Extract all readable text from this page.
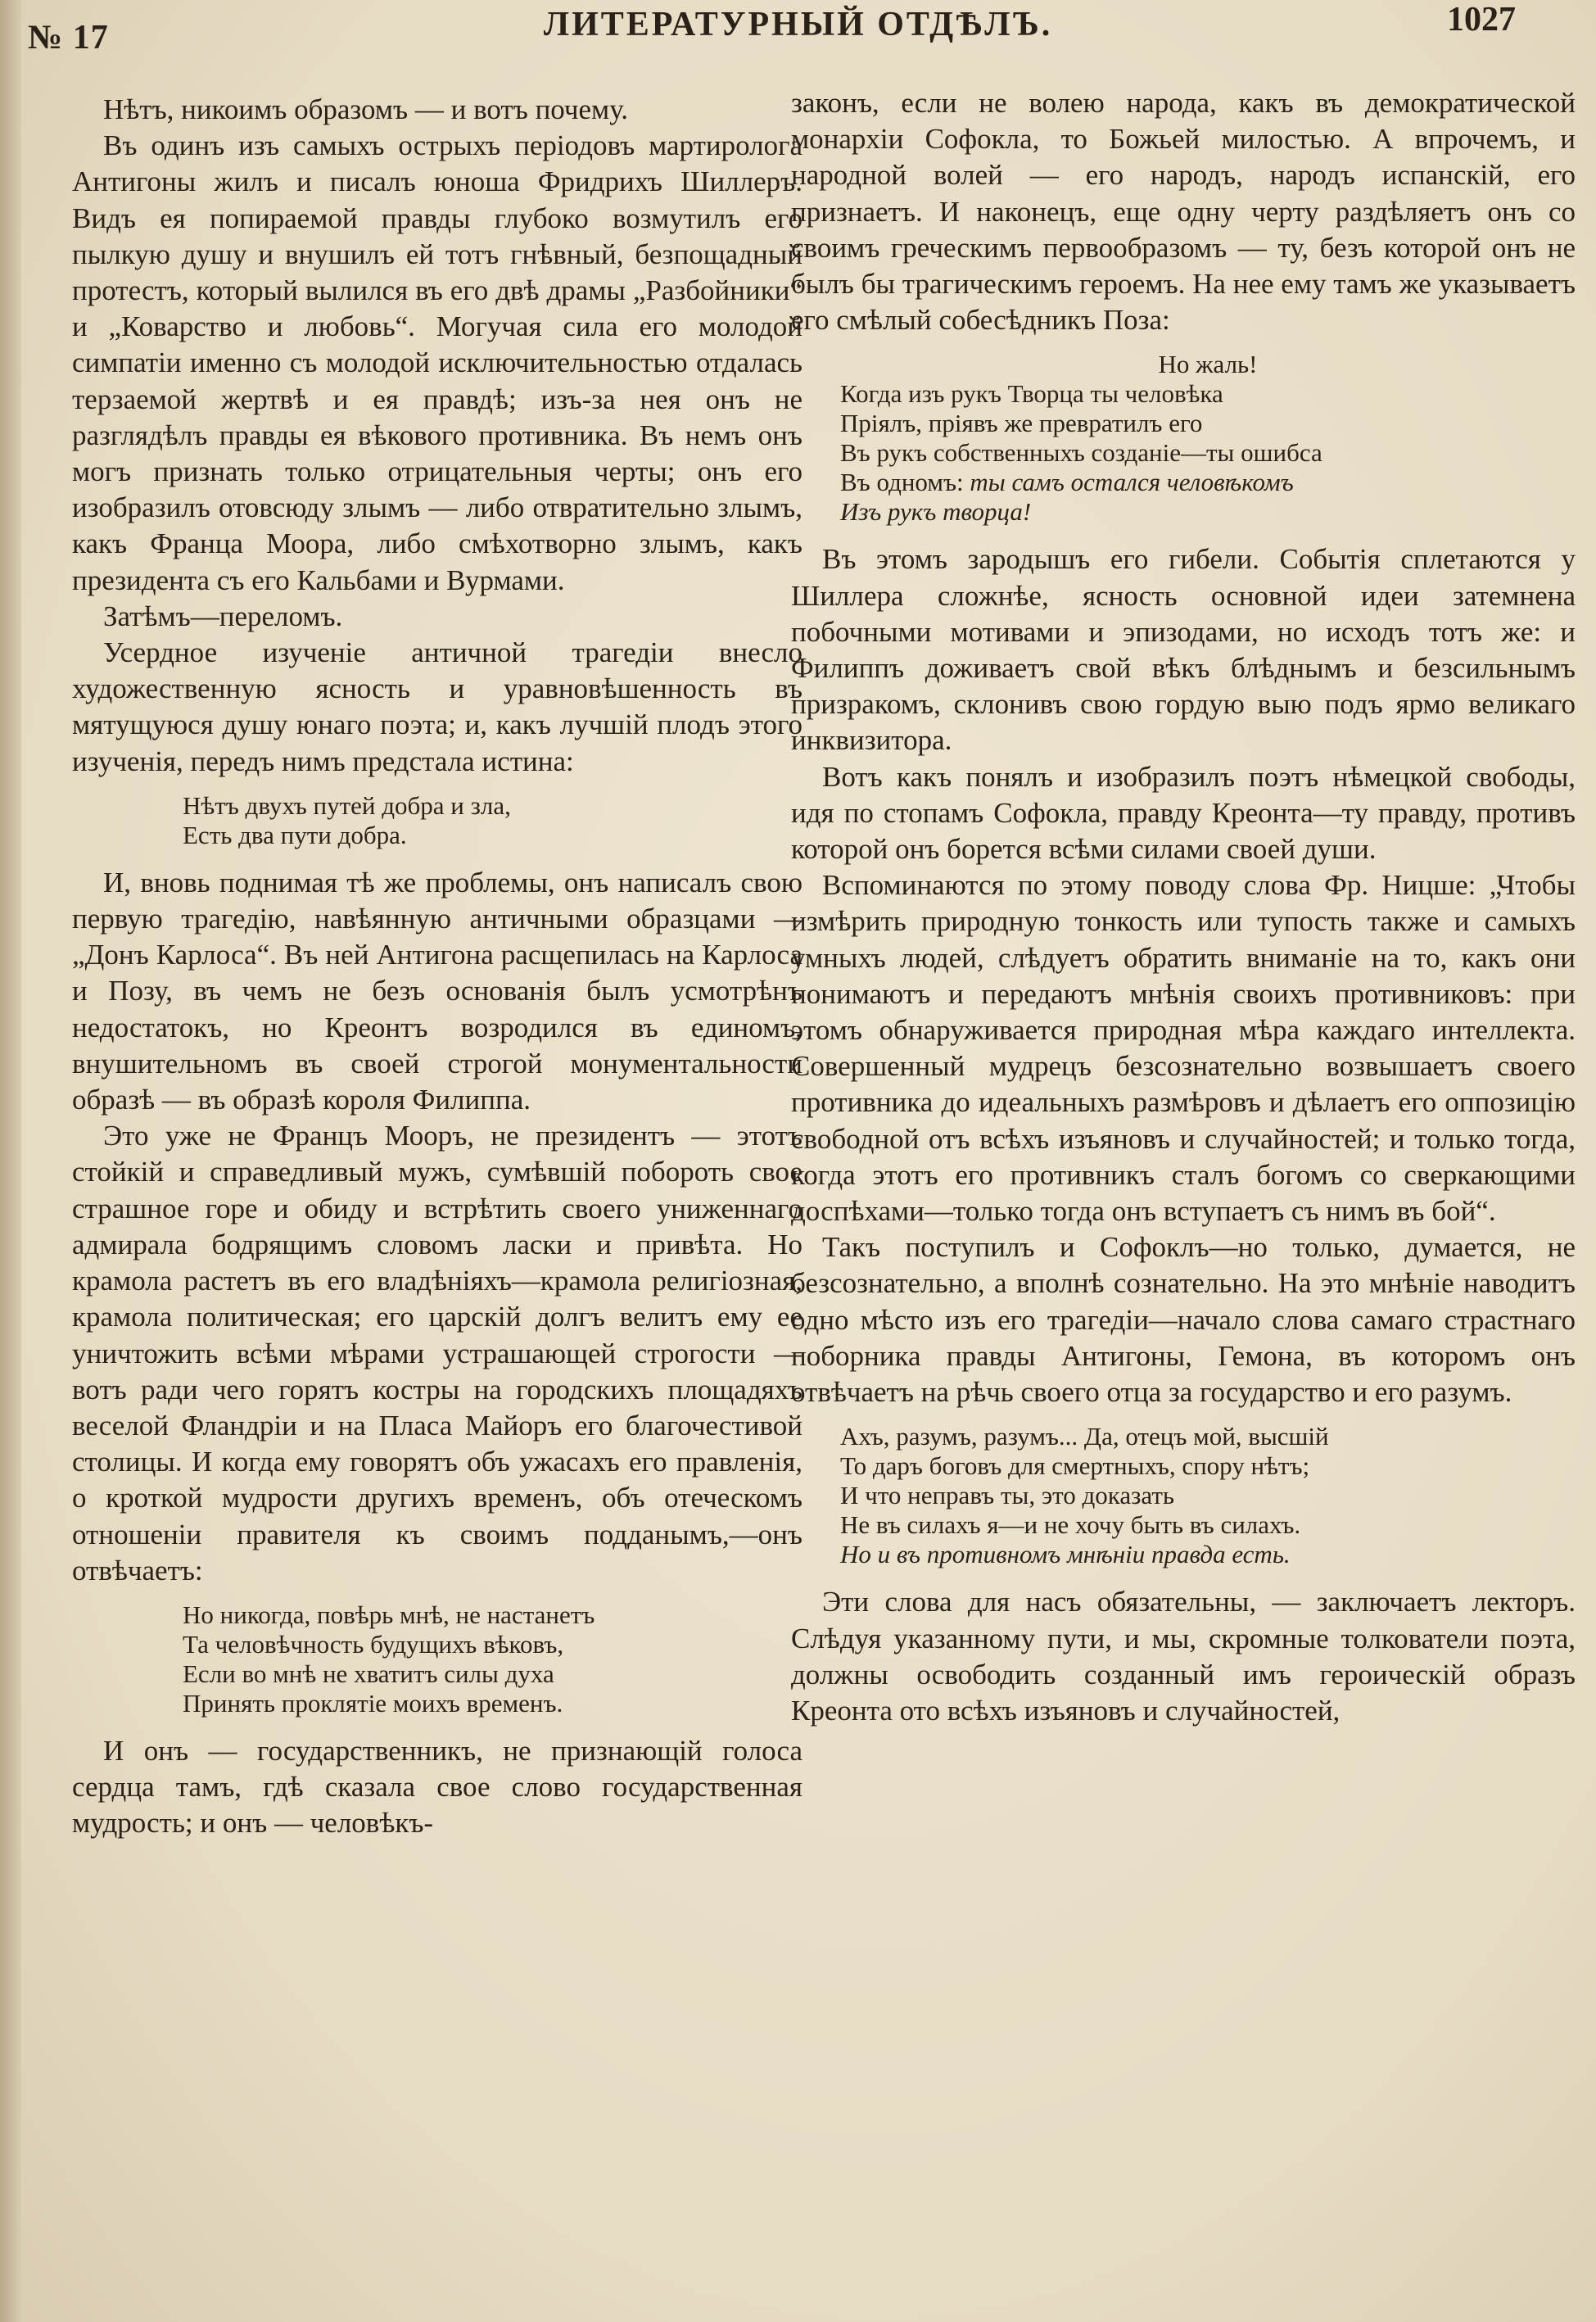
№ 17	ЛИТЕРАТУРНЫЙ ОТДѢЛЪ.	1027

Нѣтъ, никоимъ образомъ — и вотъ почему.

Въ одинъ изъ самыхъ острыхъ періодовъ мартиролога Антигоны жилъ и писалъ юноша Фридрихъ Шиллеръ. Видъ ея попираемой правды глубоко возмутилъ его пылкую душу и внушилъ ей тотъ гнѣвный, безпощадный протестъ, который вылился въ его двѣ драмы „Разбойники“ и „Коварство и любовь“. Могучая сила его молодой симпатіи именно съ молодой исключительностью отдалась терзаемой жертвѣ и ея правдѣ; изъ-за нея онъ не разглядѣлъ правды ея вѣкового противника. Въ немъ онъ могъ признать только отрицательныя черты; онъ его изобразилъ отовсюду злымъ — либо отвратительно злымъ, какъ Франца Моора, либо смѣхотворно злымъ, какъ президента съ его Кальбами и Вурмами.

Затѣмъ—переломъ.

Усердное изученіе античной трагедіи внесло художественную ясность и уравновѣшенность въ мятущуюся душу юнаго поэта; и, какъ лучшій плодъ этого изученія, передъ нимъ предстала истина:

Нѣтъ двухъ путей добра и зла,
Есть два пути добра.

И, вновь поднимая тѣ же проблемы, онъ написалъ свою первую трагедію, навѣянную античными образцами — „Донъ Карлоса“. Въ ней Антигона расщепилась на Карлоса и Позу, въ чемъ не безъ основанія былъ усмотрѣнъ недостатокъ, но Креонтъ возродился въ единомъ, внушительномъ въ своей строгой монументальности образѣ — въ образѣ короля Филиппа.

Это уже не Францъ Мооръ, не президентъ — этотъ стойкій и справедливый мужъ, сумѣвшій побороть свое страшное горе и обиду и встрѣтить своего униженнаго адмирала бодрящимъ словомъ ласки и привѣта. Но крамола растетъ въ его владѣніяхъ—крамола религіозная, крамола политическая; его царскій долгъ велитъ ему ее уничтожить всѣми мѣрами устрашающей строгости — вотъ ради чего горятъ костры на городскихъ площадяхъ веселой Фландріи и на Пласа Майоръ его благочестивой столицы. И когда ему говорятъ объ ужасахъ его правленія, о кроткой мудрости другихъ временъ, объ отеческомъ отношеніи правителя къ своимъ подданымъ,—онъ отвѣчаетъ:

Но никогда, повѣрь мнѣ, не настанетъ
Та человѣчность будущихъ вѣковъ,
Если во мнѣ не хватитъ силы духа
Принять проклятіе моихъ временъ.

И онъ — государственникъ, не признающій голоса сердца тамъ, гдѣ сказала свое слово государственная мудрость; и онъ — человѣкъ-

законъ, если не волею народа, какъ въ демократической монархіи Софокла, то Божьей милостью. А впрочемъ, и народной волей — его народъ, народъ испанскій, его признаетъ. И наконецъ, еще одну черту раздѣляетъ онъ со своимъ греческимъ первообразомъ — ту, безъ которой онъ не былъ бы трагическимъ героемъ. На нее ему тамъ же указываетъ его смѣлый собесѣдникъ Поза:

Но жаль!
Когда изъ рукъ Творца ты человѣка
Пріялъ, пріявъ же превратилъ его
Въ рукъ собственныхъ созданіе—ты ошибса
Въ одномъ: ты самъ остался человѣкомъ
Изъ рукъ творца!

Въ этомъ зародышъ его гибели. Событія сплетаются у Шиллера сложнѣе, ясность основной идеи затемнена побочными мотивами и эпизодами, но исходъ тотъ же: и Филиппъ доживаетъ свой вѣкъ блѣднымъ и безсильнымъ призракомъ, склонивъ свою гордую выю подъ ярмо великаго инквизитора.

Вотъ какъ понялъ и изобразилъ поэтъ нѣмецкой свободы, идя по стопамъ Софокла, правду Креонта—ту правду, противъ которой онъ борется всѣми силами своей души.

Вспоминаются по этому поводу слова Фр. Ницше: „Чтобы измѣрить природную тонкость или тупость также и самыхъ умныхъ людей, слѣдуетъ обратить вниманіе на то, какъ они понимаютъ и передаютъ мнѣнія своихъ противниковъ: при этомъ обнаруживается природная мѣра каждаго интеллекта. Совершенный мудрецъ безсознательно возвышаетъ своего противника до идеальныхъ размѣровъ и дѣлаетъ его оппозицію свободной отъ всѣхъ изъяновъ и случайностей; и только тогда, когда этотъ его противникъ сталъ богомъ со сверкающими доспѣхами—только тогда онъ вступаетъ съ нимъ въ бой“.

Такъ поступилъ и Софоклъ—но только, думается, не безсознательно, а вполнѣ сознательно. На это мнѣніе наводитъ одно мѣсто изъ его трагедіи—начало слова самаго страстнаго поборника правды Антигоны, Гемона, въ которомъ онъ отвѣчаетъ на рѣчь своего отца за государство и его разумъ.

Ахъ, разумъ, разумъ... Да, отецъ мой, высшій
То даръ боговъ для смертныхъ, спору нѣтъ;
И что неправъ ты, это доказать
Не въ силахъ я—и не хочу быть въ силахъ.
Но и въ противномъ мнѣніи правда есть.

Эти слова для насъ обязательны, — заключаетъ лекторъ. Слѣдуя указанному пути, и мы, скромные толкователи поэта, должны освободить созданный имъ героическій образъ Креонта ото всѣхъ изъяновъ и случайностей,
